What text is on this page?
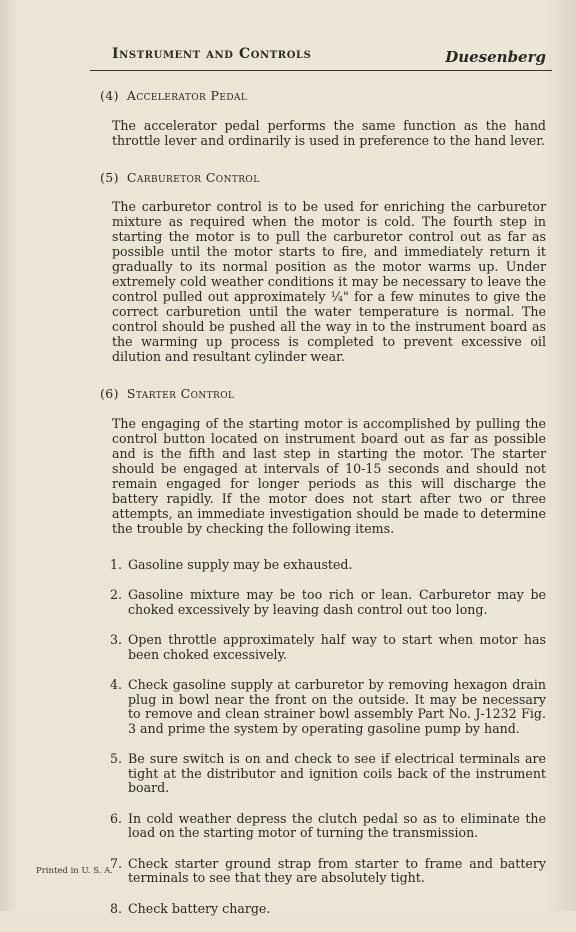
Instrument and Controls	Duesenberg
(4) Accelerator Pedal

The accelerator pedal performs the same function as the hand throttle lever and ordinarily is used in preference to the hand lever.

(5) Carburetor Control

The carburetor control is to be used for enriching the carburetor mixture as required when the motor is cold. The fourth step in starting the motor is to pull the carburetor control out as far as possible until the motor starts to fire, and immediately return it gradually to its normal position as the motor warms up. Under extremely cold weather conditions it may be necessary to leave the control pulled out approximately ¼" for a few minutes to give the correct carburetion until the water temperature is normal. The control should be pushed all the way in to the instrument board as the warming up process is completed to prevent excessive oil dilution and resultant cylinder wear.

(6) Starter Control

The engaging of the starting motor is accomplished by pulling the control button located on instrument board out as far as possible and is the fifth and last step in starting the motor. The starter should be engaged at intervals of 10-15 seconds and should not remain engaged for longer periods as this will discharge the battery rapidly. If the motor does not start after two or three attempts, an immediate investigation should be made to determine the trouble by checking the following items.

1. Gasoline supply may be exhausted.
2. Gasoline mixture may be too rich or lean. Carburetor may be choked excessively by leaving dash control out too long.
3. Open throttle approximately half way to start when motor has been choked excessively.
4. Check gasoline supply at carburetor by removing hexagon drain plug in bowl near the front on the outside. It may be necessary to remove and clean strainer bowl assembly Part No. J-1232 Fig. 3 and prime the system by operating gasoline pump by hand.
5. Be sure switch is on and check to see if electrical terminals are tight at the distributor and ignition coils back of the instrument board.
6. In cold weather depress the clutch pedal so as to eliminate the load on the starting motor of turning the transmission.
7. Check starter ground strap from starter to frame and battery terminals to see that they are absolutely tight.
8. Check battery charge.
Printed in U. S. A.
